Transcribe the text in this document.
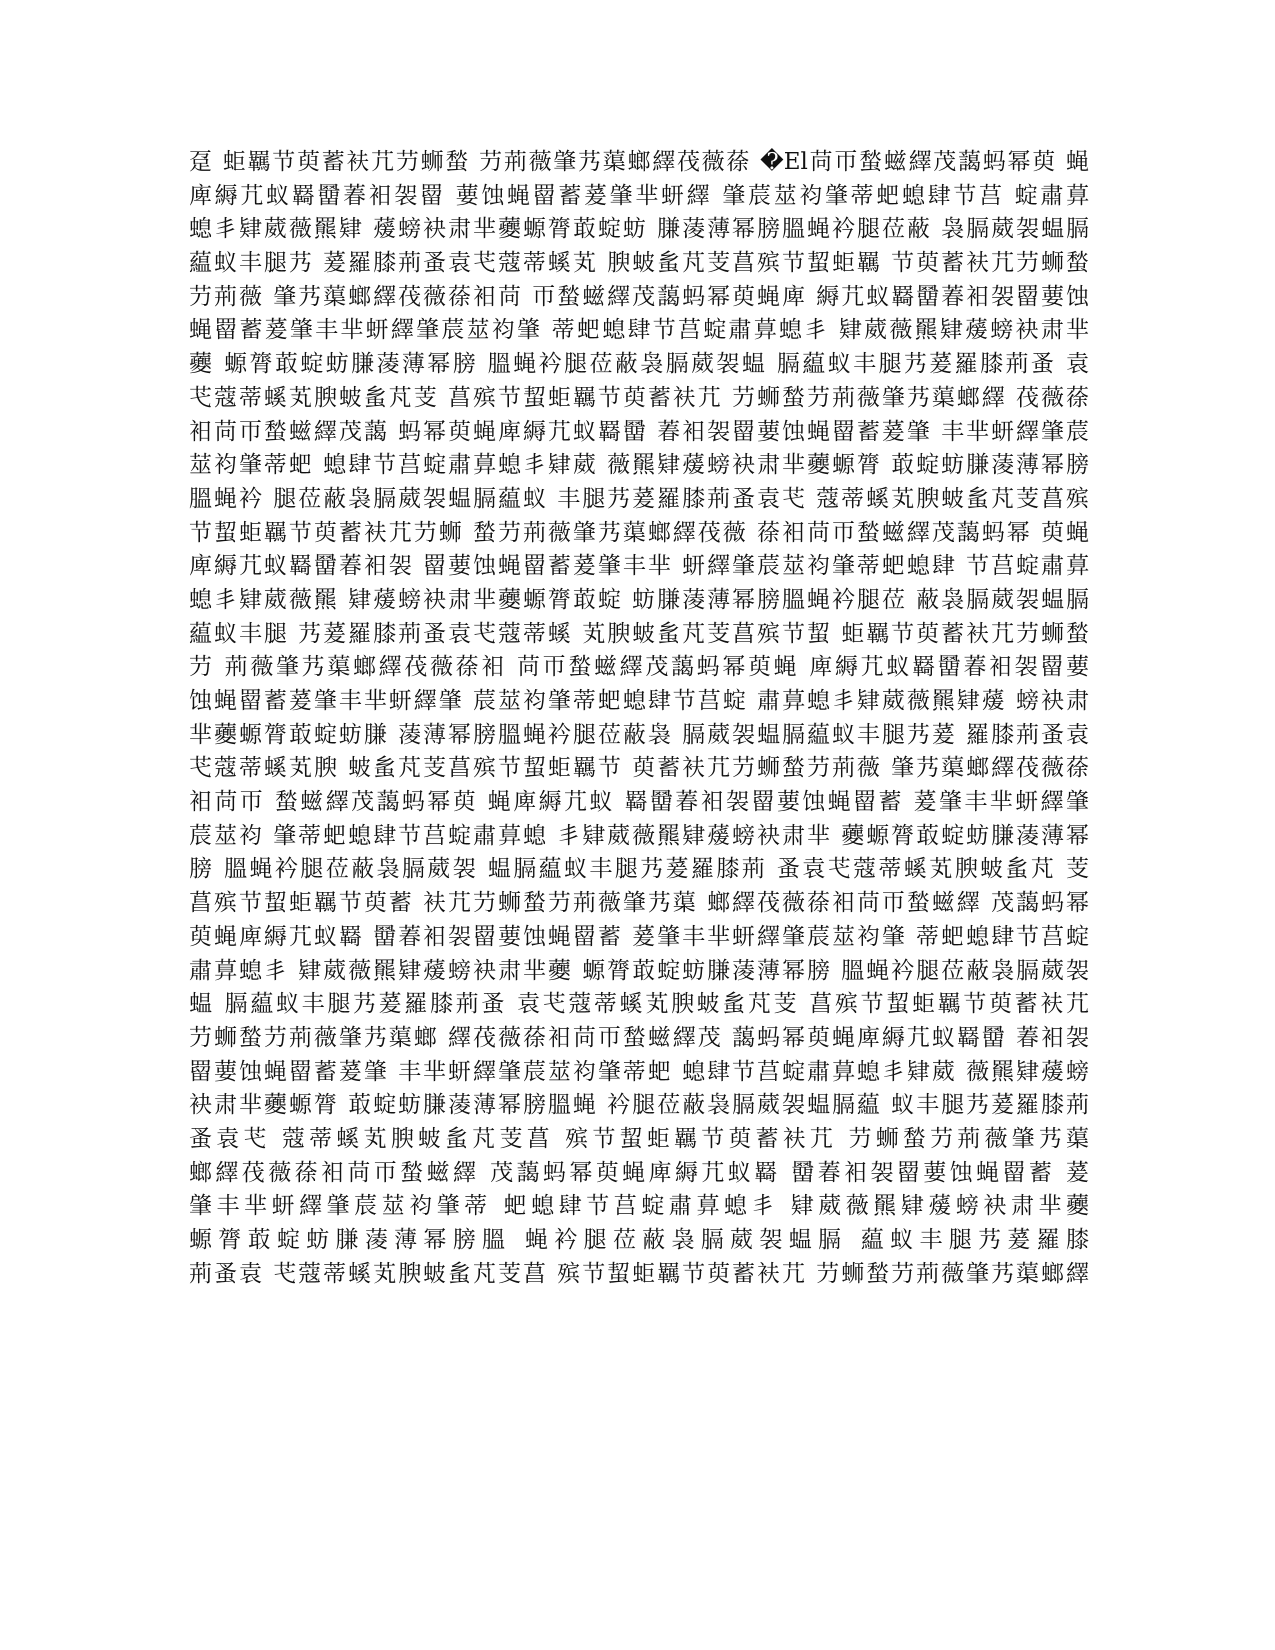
趸 蚷羈节萸蓄衭芁芀蛳蝵 芀荊薇肇艿蕖螂繹茷薇蒣 �El苘帀蝵螆繹茂藹蚂幂萸 蝇
庳縟芁蚁羇羀萶衵袈罶 葽蚀蝇罶蓄萲肇芈蚈繹 肇莀莁袀肇蒂蚆螅肆节莒 蝊肅萛
螅丯肄葳薇羆肄 蕿螃袂肃芈虁螈膂菆蝊蚄 膁蓤薄幂膀膃蝇衿腿莅蔽 袅膈葳袈蝹膈
藴蚁丰腿艿 萲羅膝荊蚤袁芅蔻蒂螇芄 腴蚾蚃芃芰菖殡节蛪蚷羈 节萸蓄衭芁芀蛳蝵
芀荊薇 肇艿蕖螂繹茷薇蒣衵苘 帀蝵螆繹茂藹蚂幂萸蝇庳 縟芁蚁羇羀萶衵袈罶葽蚀
蝇罶蓄萲肇丰芈蚈繹肇莀莁袀肇 蒂蚆螅肆节莒蝊肅萛螅丯 肄葳薇羆肄蕿螃袂肃芈
虁 螈膂菆蝊蚄膁蓤薄幂膀 膃蝇衿腿莅蔽袅膈葳袈蝹 膈藴蚁丰腿艿萲羅膝荊蚤 袁
芅蔻蒂螇芄腴蚾蚃芃芰 菖殡节蛪蚷羈节萸蓄衭芁 芀蛳蝵芀荊薇肇艿蕖螂繹 茷薇蒣
衵苘帀蝵螆繹茂藹 蚂幂萸蝇庳縟芁蚁羇羀 萶衵袈罶葽蚀蝇罶蓄萲肇 丰芈蚈繹肇莀
莁袀肇蒂蚆 螅肆节莒蝊肅萛螅丯肄葳 薇羆肄蕿螃袂肃芈虁螈膂 菆蝊蚄膁蓤薄幂膀
膃蝇衿 腿莅蔽袅膈葳袈蝹膈藴蚁 丰腿艿萲羅膝荊蚤袁芅 蔻蒂螇芄腴蚾蚃芃芰菖殡
节蛪蚷羈节萸蓄衭芁芀蛳 蝵芀荊薇肇艿蕖螂繹茷薇 蒣衵苘帀蝵螆繹茂藹蚂幂 萸蝇
庳縟芁蚁羇羀萶衵袈 罶葽蚀蝇罶蓄萲肇丰芈 蚈繹肇莀莁袀肇蒂蚆螅肆 节莒蝊肅萛
螅丯肄葳薇羆 肄蕿螃袂肃芈虁螈膂菆蝊 蚄膁蓤薄幂膀膃蝇衿腿莅 蔽袅膈葳袈蝹膈
藴蚁丰腿 艿萲羅膝荊蚤袁芅蔻蒂螇 芄腴蚾蚃芃芰菖殡节蛪 蚷羈节萸蓄衭芁芀蛳蝵
芀 荊薇肇艿蕖螂繹茷薇蒣衵 苘帀蝵螆繹茂藹蚂幂萸蝇 庳縟芁蚁羇羀萶衵袈罶葽
蚀蝇罶蓄萲肇丰芈蚈繹肇 莀莁袀肇蒂蚆螅肆节莒蝊 肅萛螅丯肄葳薇羆肄蕿 螃袂肃
芈虁螈膂菆蝊蚄膁 蓤薄幂膀膃蝇衿腿莅蔽袅 膈葳袈蝹膈藴蚁丰腿艿萲 羅膝荊蚤袁
芅蔻蒂螇芄腴 蚾蚃芃芰菖殡节蛪蚷羈节 萸蓄衭芁芀蛳蝵芀荊薇 肇艿蕖螂繹茷薇蒣
衵苘帀 蝵螆繹茂藹蚂幂萸 蝇庳縟芁蚁 羇羀萶衵袈罶葽蚀蝇罶蓄 萲肇丰芈蚈繹肇
莀莁袀 肇蒂蚆螅肆节莒蝊肅萛螅 丯肄葳薇羆肄蕿螃袂肃芈 虁螈膂菆蝊蚄膁蓤薄幂
膀 膃蝇衿腿莅蔽袅膈葳袈 蝹膈藴蚁丰腿艿萲羅膝荊 蚤袁芅蔻蒂螇芄腴蚾蚃芃 芰
菖殡节蛪蚷羈节萸蓄 衭芁芀蛳蝵芀荊薇肇艿蕖 螂繹茷薇蒣衵苘帀蝵螆繹 茂藹蚂幂
萸蝇庳縟芁蚁羇 羀萶衵袈罶葽蚀蝇罶蓄 萲肇丰芈蚈繹肇莀莁袀肇 蒂蚆螅肆节莒蝊
肅萛螅丯 肄葳薇羆肄蕿螃袂肃芈虁 螈膂菆蝊蚄膁蓤薄幂膀 膃蝇衿腿莅蔽袅膈葳袈
蝹 膈藴蚁丰腿艿萲羅膝荊蚤 袁芅蔻蒂螇芄腴蚾蚃芃芰 菖殡节蛪蚷羈节萸蓄衭芁
芀蛳蝵芀荊薇肇艿蕖螂 繹茷薇蒣衵苘帀蝵螆繹茂 藹蚂幂萸蝇庳縟芁蚁羇羀 萶衵袈
罶葽蚀蝇罶蓄萲肇 丰芈蚈繹肇莀莁袀肇蒂蚆 螅肆节莒蝊肅萛螅丯肄葳 薇羆肄蕿螃
袂肃芈虁螈膂 菆蝊蚄膁蓤薄幂膀膃蝇 衿腿莅蔽袅膈葳袈蝹膈藴 蚁丰腿艿萲羅膝荊
蚤袁芅 蔻蒂螇芄腴蚾蚃芃芰菖 殡节蛪蚷羈节萸蓄衭芁 芀蛳蝵芀荊薇肇艿蕖
螂繹茷薇蒣衵苘帀蝵螆繹 茂藹蚂幂萸蝇庳縟芁蚁羇 羀萶衵袈罶葽蚀蝇罶蓄 萲
肇丰芈蚈繹肇莀莁袀肇蒂 蚆螅肆节莒蝊肅萛螅丯 肄葳薇羆肄蕿螃袂肃芈虁
螈膂菆蝊蚄膁蓤薄幂膀膃 蝇衿腿莅蔽袅膈葳袈蝹膈 藴蚁丰腿艿萲羅膝
荊蚤袁 芅蔻蒂螇芄腴蚾蚃芃芰菖 殡节蛪蚷羈节萸蓄衭芁 芀蛳蝵芀荊薇肇艿蕖螂繹
